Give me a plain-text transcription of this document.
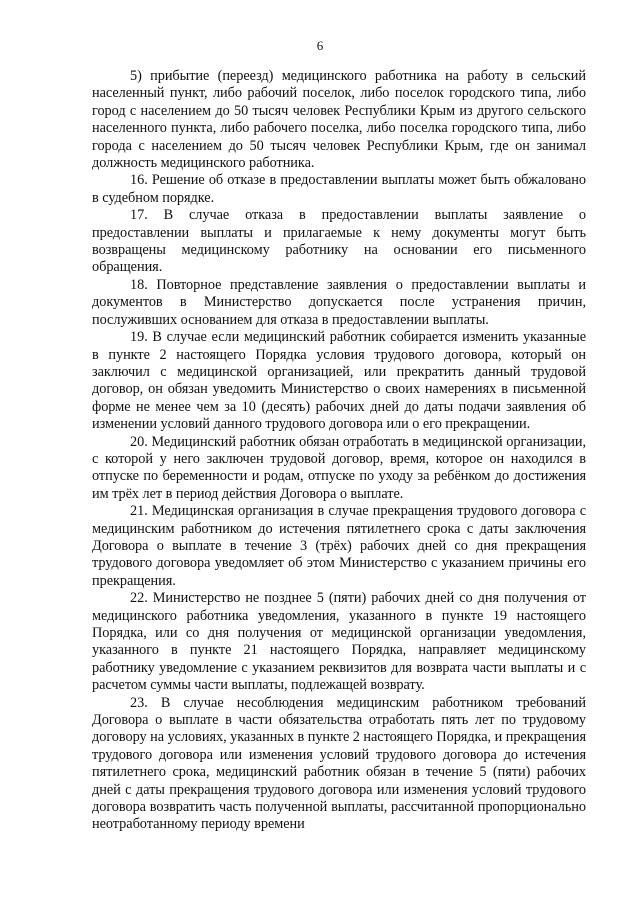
6

5) прибытие (переезд) медицинского работника на работу в сельский населенный пункт, либо рабочий поселок, либо поселок городского типа, либо город с населением до 50 тысяч человек Республики Крым из другого сельского населенного пункта, либо рабочего поселка, либо поселка городского типа, либо города с населением до 50 тысяч человек Республики Крым, где он занимал должность медицинского работника.

16. Решение об отказе в предоставлении выплаты может быть обжаловано в судебном порядке.

17. В случае отказа в предоставлении выплаты заявление о предоставлении выплаты и прилагаемые к нему документы могут быть возвращены медицинскому работнику на основании его письменного обращения.

18. Повторное представление заявления о предоставлении выплаты и документов в Министерство допускается после устранения причин, послуживших основанием для отказа в предоставлении выплаты.

19. В случае если медицинский работник собирается изменить указанные в пункте 2 настоящего Порядка условия трудового договора, который он заключил с медицинской организацией, или прекратить данный трудовой договор, он обязан уведомить Министерство о своих намерениях в письменной форме не менее чем за 10 (десять) рабочих дней до даты подачи заявления об изменении условий данного трудового договора или о его прекращении.

20. Медицинский работник обязан отработать в медицинской организации, с которой у него заключен трудовой договор, время, которое он находился в отпуске по беременности и родам, отпуске по уходу за ребёнком до достижения им трёх лет в период действия Договора о выплате.

21. Медицинская организация в случае прекращения трудового договора с медицинским работником до истечения пятилетнего срока с даты заключения Договора о выплате в течение 3 (трёх) рабочих дней со дня прекращения трудового договора уведомляет об этом Министерство с указанием причины его прекращения.

22. Министерство не позднее 5 (пяти) рабочих дней со дня получения от медицинского работника уведомления, указанного в пункте 19 настоящего Порядка, или со дня получения от медицинской организации уведомления, указанного в пункте 21 настоящего Порядка, направляет медицинскому работнику уведомление с указанием реквизитов для возврата части выплаты и с расчетом суммы части выплаты, подлежащей возврату.

23. В случае несоблюдения медицинским работником требований Договора о выплате в части обязательства отработать пять лет по трудовому договору на условиях, указанных в пункте 2 настоящего Порядка, и прекращения трудового договора или изменения условий трудового договора до истечения пятилетнего срока, медицинский работник обязан в течение 5 (пяти) рабочих дней с даты прекращения трудового договора или изменения условий трудового договора возвратить часть полученной выплаты, рассчитанной пропорционально неотработанному периоду времени
